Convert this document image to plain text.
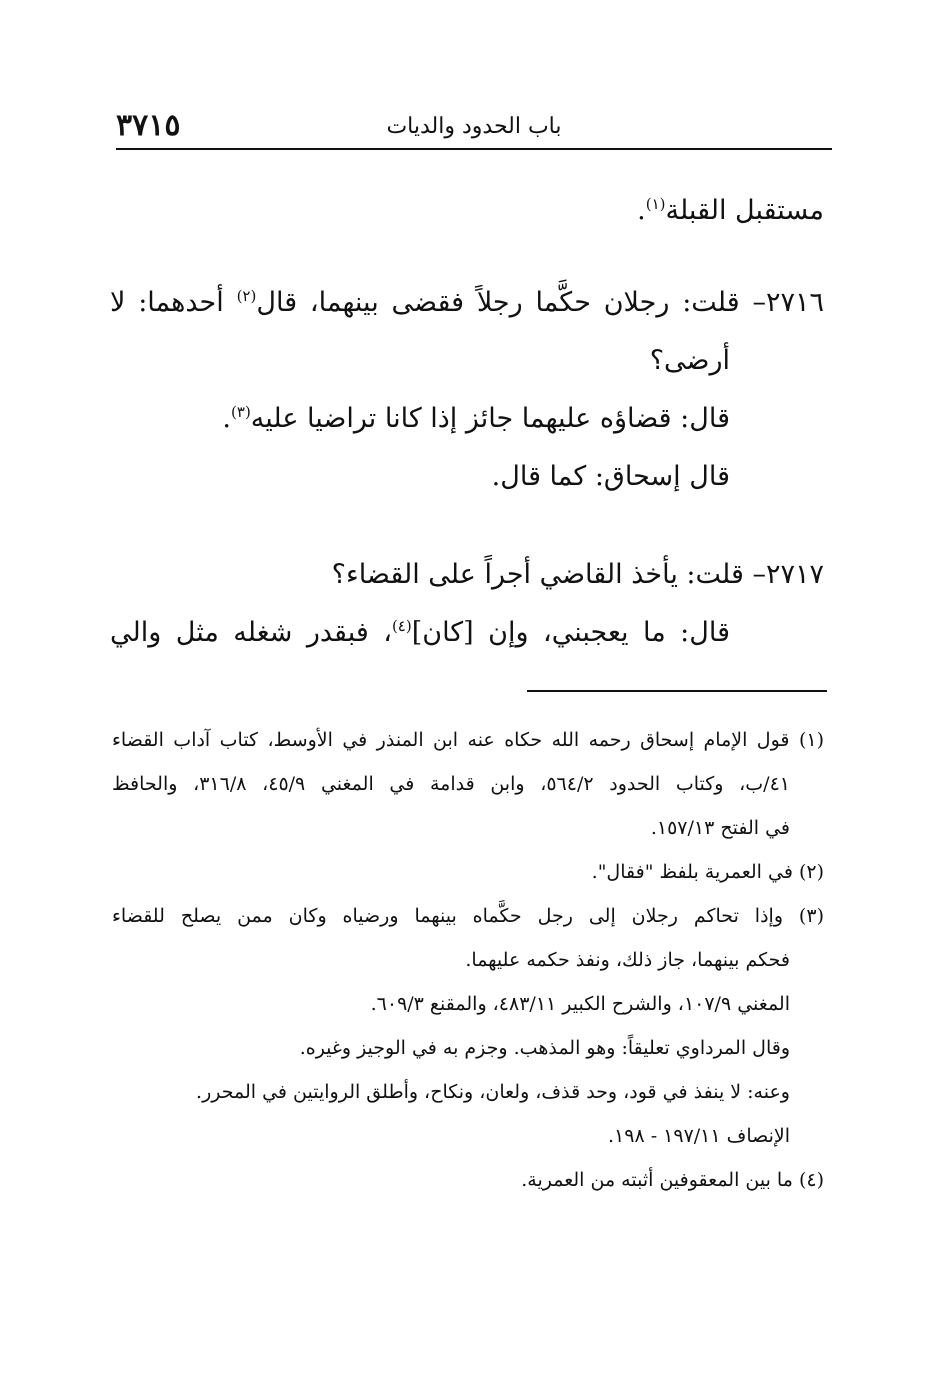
٣٧١٥	باب الحدود والديات
مستقبل القبلة$^{(١)}$.
٢٧١٦– قلت: رجلان حكَّما رجلاً فقضى بينهما، قال$^{(٢)}$ أحدهما: لا
أرضى؟
قال: قضاؤه عليهما جائز إذا كانا تراضيا عليه$^{(٣)}$.
قال إسحاق: كما قال.
٢٧١٧– قلت: يأخذ القاضي أجراً على القضاء؟
قال: ما يعجبني، وإن [كان]$^{(٤)}$، فبقدر شغله مثل والي
(١) قول الإمام إسحاق رحمه الله حكاه عنه ابن المنذر في الأوسط، كتاب آداب القضاء
٤١/ب، وكتاب الحدود ٥٦٤/٢، وابن قدامة في المغني ٤٥/٩، ٣١٦/٨، والحافظ
في الفتح ١٥٧/١٣.
(٢) في العمرية بلفظ "فقال".
(٣) وإذا تحاكم رجلان إلى رجل حكَّماه بينهما ورضياه وكان ممن يصلح للقضاء
فحكم بينهما، جاز ذلك، ونفذ حكمه عليهما.
المغني ١٠٧/٩، والشرح الكبير ٤٨٣/١١، والمقنع ٦٠٩/٣.
وقال المرداوي تعليقاً: وهو المذهب. وجزم به في الوجيز وغيره.
وعنه: لا ينفذ في قود، وحد قذف، ولعان، ونكاح، وأطلق الروايتين في المحرر.
الإنصاف ١٩٧/١١ - ١٩٨.
(٤) ما بين المعقوفين أثبته من العمرية.
